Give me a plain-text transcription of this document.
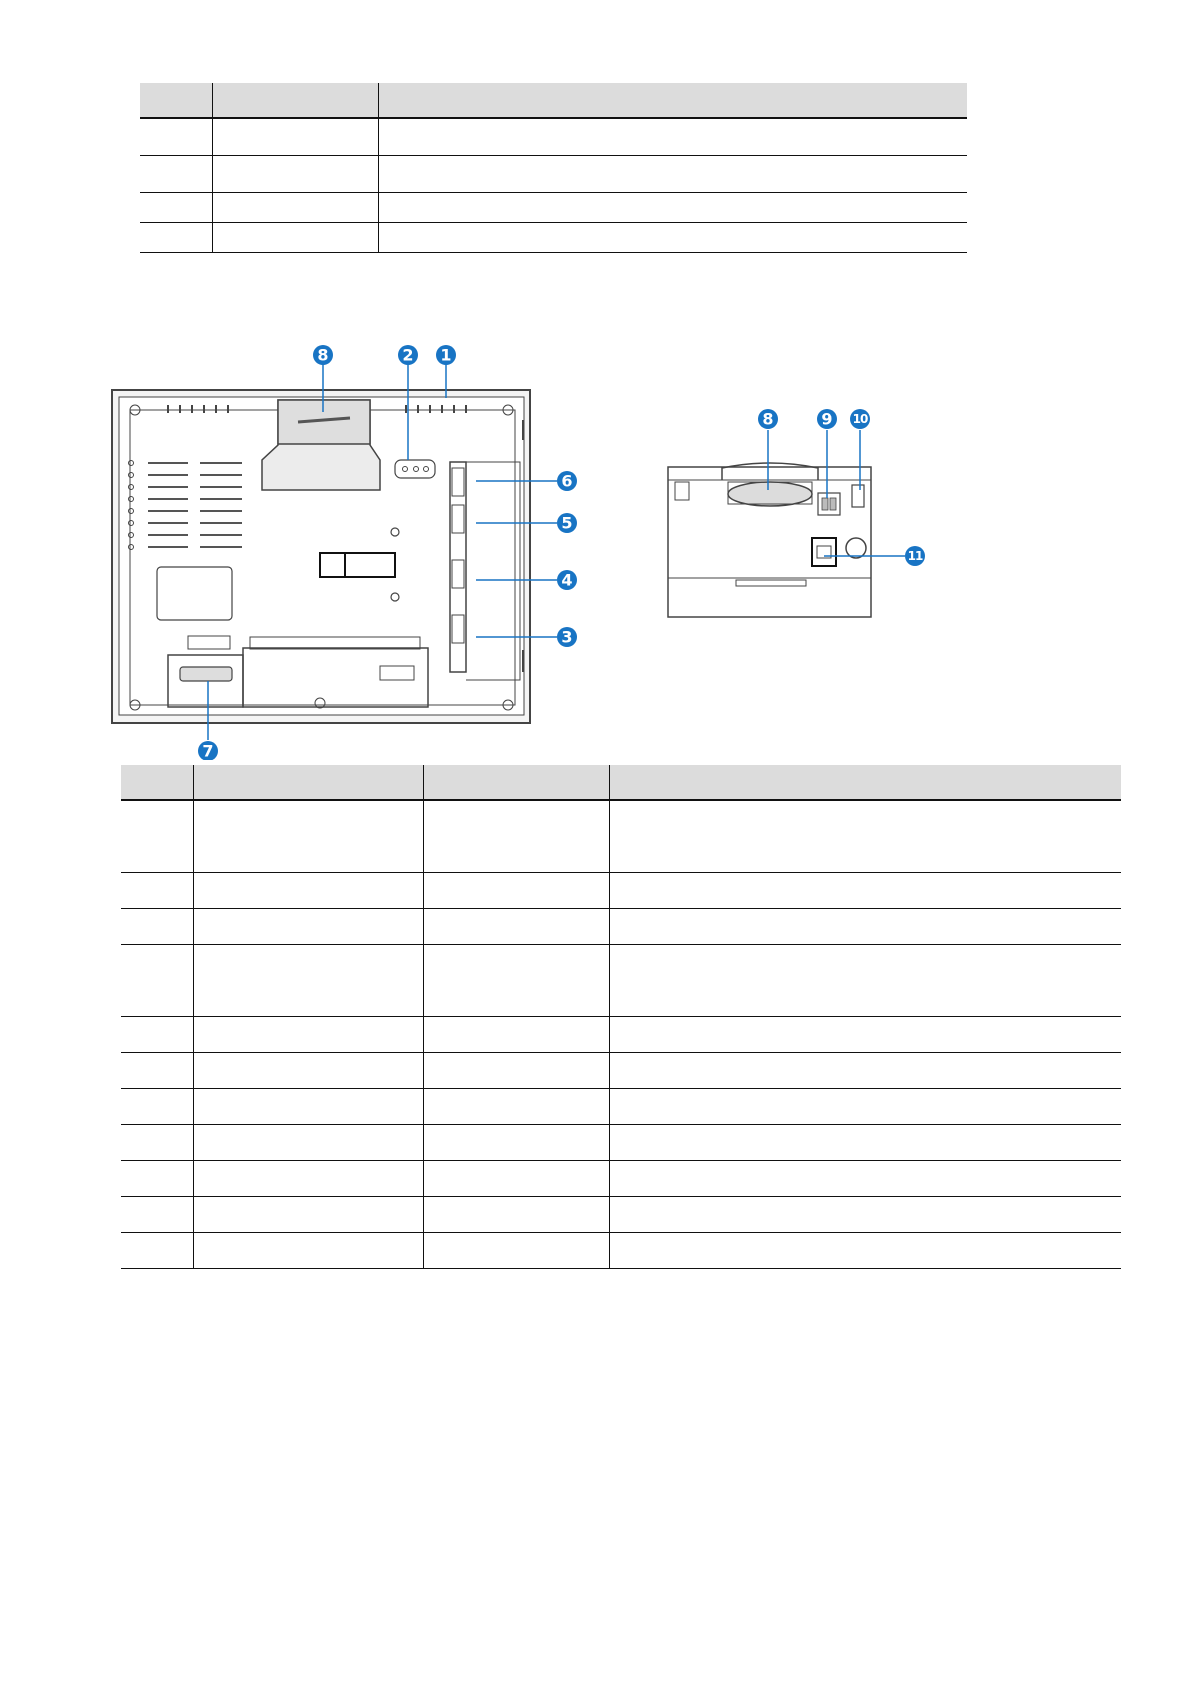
8	2 1
6
5
4
3
7
8	9 10
11
